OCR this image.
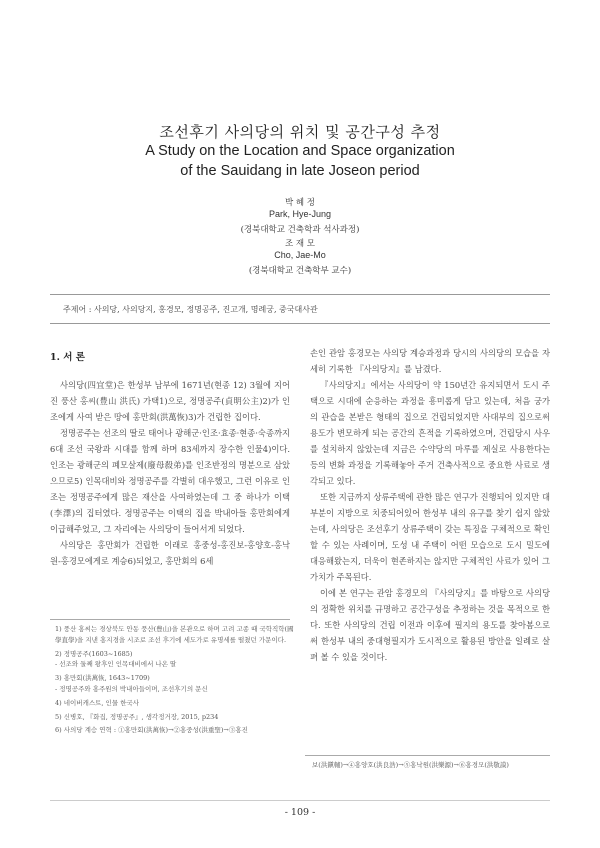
조선후기 사의당의 위치 및 공간구성 추정
A Study on the Location and Space organization
of the Sauidang in late Joseon period
박 혜 정
Park, Hye-Jung
(경북대학교 건축학과 석사과정)
조 재 모
Cho, Jae-Mo
(경북대학교 건축학부 교수)
주제어 : 사의당, 사의당지, 홍경모, 정명공주, 진고개, 명례궁, 중국대사관
1. 서 론

사의당(四宜堂)은 한성부 남부에 1671년(현종 12) 3월에 지어진 풍산 홍씨(豊山 洪氏) 가택1)으로, 정명공주(貞明公主)2)가 인조에게 사여 받은 땅에 홍만회(洪萬恢)3)가 건립한 집이다.

정명공주는 선조의 딸로 태어나 광해군·인조·효종·현종·숙종까지 6대 조선 국왕과 시대를 함께 하며 83세까지 장수한 인물4)이다. 인조는 광해군의 폐모살제(廢母殺弟)를 인조반정의 명분으로 삼았으므로5) 인목대비와 정명공주를 각별히 대우했고, 그런 이유로 인조는 정명공주에게 많은 재산을 사여하였는데 그 중 하나가 이택(李澤)의 집터였다. 정명공주는 이택의 집을 박내아들 홍만회에게 이급해주었고, 그 자리에는 사의당이 들어서게 되었다.

사의당은 홍만회가 건립한 이래로 홍중성-홍진보-홍양호-홍낙원-홍경모에게로 계승6)되었고, 홍만회의 6세

1) 풍산 홍씨는 경상북도 안동 풍산(豊山)을 본관으로 하며 고려 고종 때 국학직학(國學直學)을 지낸 홍지경을 시조로 조선 후기에 세도가로 유명세를 떨쳤던 가문이다.
2) 정명공주(1603~1685)
- 선조와 둘째 왕후인 인목대비에서 나온 딸
3) 홍만회(洪萬恢, 1643~1709)
- 정명공주와 홍주원의 박내아들이며, 조선후기의 문신
4) 네이버캐스트, 인물 한국사
5) 신병호, 『화집, 정명공주』, 생각정거장, 2015, p234
6) 사의당 계승 연혁 : ①홍만회(洪萬恢)→②홍중성(洪重聖)→③홍진

손인 관암 홍경모는 사의당 계승과정과 당시의 사의당의 모습을 자세히 기록한 『사의당지』를 남겼다.

『사의당지』에서는 사의당이 약 150년간 유지되면서 도시 주택으로 시대에 순응하는 과정을 흥미롭게 담고 있는데, 처음 궁가의 관습을 본받은 형태의 집으로 건립되었지만 사대부의 집으로써 용도가 변모하게 되는 공간의 흔적을 기록하였으며, 건립당시 사우를 설치하지 않았는데 지금은 수약당의 마루를 제실로 사용한다는 등의 변화 과정을 기록해놓아 주거 건축사적으로 중요한 사료로 생각되고 있다.

또한 지금까지 상류주택에 관한 많은 연구가 진행되어 있지만 대부분이 지방으로 치중되어있어 한성부 내의 유구를 찾기 쉽지 않았는데, 사의당은 조선후기 상류주택이 갖는 특징을 구체적으로 확인 할 수 있는 사례이며, 도성 내 주택이 어떤 모습으로 도시 밀도에 대응해왔는지, 더욱이 현존하지는 않지만 구체적인 사료가 있어 그 가치가 주목된다.

이에 본 연구는 관암 홍경모의 『사의당지』를 바탕으로 사의당의 정확한 위치를 규명하고 공간구성을 추정하는 것을 목적으로 한다. 또한 사의당의 건립 이전과 이후에 필지의 용도를 찾아봄으로써 한성부 내의 중대형필지가 도시적으로 활용된 방안을 일례로 살펴 볼 수 있을 것이다.

보(洪鎭輔)→④홍양호(洪良浩)→⑤홍낙원(洪樂源)→⑥홍경모(洪敬謨)
- 109 -
